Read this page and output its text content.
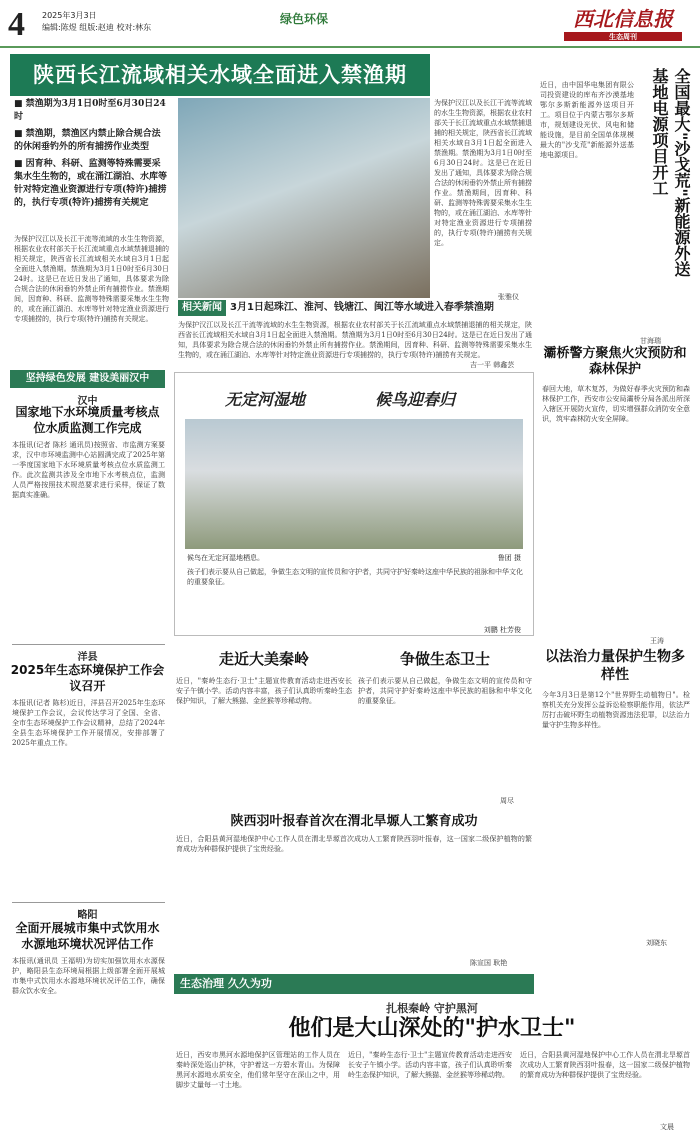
4 2025年3月3日
编辑:陈煜 组版:赵迪 校对:林东
绿色环保	西北信息报
生态周刊
陕西长江流域相关水域全面进入禁渔期
■ 禁渔期为3月1日0时至6月30日24时
■ 禁渔期，禁渔区内禁止除合规合法的休闲垂钓外的所有捕捞作业类型
■ 因育种、科研、监测等特殊需要采集水生生物的，或在涌江湖泊、水库等针对特定渔业资源进行专项(特许)捕捞的，执行专项(特许)捕捞有关规定
为保护汉江以及长江干流等流域的水生生物资源，根据农业农村部关于长江流域重点水域禁捕退捕的相关规定，陕西省长江流域相关水域自3月1日起全面进入禁渔期。禁渔期为3月1日0时至6月30日24时。这是已在近日发出了通知，具体要求为除合规合法的休闲垂钓外禁止所有捕捞作业。禁渔期间，因育种、科研、监测等特殊需要采集水生生物的，或在涌江湖泊、水库等针对特定渔业资源进行专项捕捞的，执行专项(特许)捕捞有关规定。
为保护汉江以及长江干流等流域的水生生物资源，根据农业农村部关于长江流域重点水域禁捕退捕的相关规定，陕西省长江流域相关水域自3月1日起全面进入禁渔期。禁渔期为3月1日0时至6月30日24时。这是已在近日发出了通知，具体要求为除合规合法的休闲垂钓外禁止所有捕捞作业。禁渔期间，因育种、科研、监测等特殊需要采集水生生物的，或在涌江湖泊、水库等针对特定渔业资源进行专项捕捞的，执行专项(特许)捕捞有关规定。
张雅仪
相关新闻 3月1日起珠江、淮河、钱塘江、闽江等水域进入春季禁渔期
为保护汉江以及长江干流等流域的水生生物资源，根据农业农村部关于长江流域重点水域禁捕退捕的相关规定，陕西省长江流域相关水域自3月1日起全面进入禁渔期。禁渔期为3月1日0时至6月30日24时。这是已在近日发出了通知，具体要求为除合规合法的休闲垂钓外禁止所有捕捞作业。禁渔期间，因育种、科研、监测等特殊需要采集水生生物的，或在涌江湖泊、水库等针对特定渔业资源进行专项捕捞的，执行专项(特许)捕捞有关规定。
吉一平 韩鑫芸
坚持绿色发展 建设美丽汉中
汉中
国家地下水环境质量考核点位水质监测工作完成
本报讯(记者 陈杉 通讯员)按照省、市监测方案要求，汉中市环境监测中心站圆满完成了2025年第一季度国家地下水环境质量考核点位水质监测工作。此次监测共涉及全市地下水考核点位，监测人员严格按照技术规范要求进行采样，保证了数据真实准确。
洋县
2025年生态环境保护工作会议召开
本报讯(记者 陈杉)近日，洋县召开2025年生态环境保护工作会议，会议传达学习了全国、全省、全市生态环境保护工作会议精神，总结了2024年全县生态环境保护工作开展情况，安排部署了2025年重点工作。
略阳
全面开展城市集中式饮用水水源地环境状况评估工作
本报讯(通讯员 王福明)为切实加强饮用水水源保护，略阳县生态环境局根据上级部署全面开展城市集中式饮用水水源地环境状况评估工作，确保群众饮水安全。
无定河湿地	候鸟迎春归
候鸟在无定河湿地栖息。	鲁团 摄
孩子们表示要从自己做起，争做生态文明的宣传员和守护者，共同守护好秦岭这座中华民族的祖脉和中华文化的重要象征。
刘鹏 杜芳俊
走近大美秦岭
近日，"秦岭生态行·卫士"主题宣传教育活动走进西安长安子午镇小学。活动内容丰富，孩子们认真聆听秦岭生态保护知识，了解大熊猫、金丝猴等珍稀动物。
争做生态卫士
孩子们表示要从自己做起，争做生态文明的宣传员和守护者，共同守护好秦岭这座中华民族的祖脉和中华文化的重要象征。
周尽
陕西羽叶报春首次在渭北旱塬人工繁育成功
近日，合阳县黄河湿地保护中心工作人员在渭北旱塬首次成功人工繁育陕西羽叶报春，这一国家二级保护植物的繁育成功为种群保护提供了宝贵经验。
陈宣国 耿艳
近日，由中国华电集团有限公司投资建设的库布齐沙漠基地鄂尔多斯新能源外送项目开工。项目位于内蒙古鄂尔多斯市，规划建设光伏、风电和储能设施，是目前全国单体规模最大的"沙戈荒"新能源外送基地电源项目。	全国最大"沙戈荒"新能源外送基地电源项目开工
甘海瑞
灞桥警方聚焦火灾预防和森林保护
春回大地，草木复苏，为做好春季火灾预防和森林保护工作，西安市公安局灞桥分局各派出所深入辖区开展防火宣传，切实增强群众消防安全意识，筑牢森林防火安全屏障。
王涛
以法治力量保护生物多样性
今年3月3日是第12个"世界野生动植物日"。检察机关充分发挥公益诉讼检察职能作用，依法严厉打击破坏野生动植物资源违法犯罪，以法治力量守护生物多样性。
刘晓东
生态治理 久久为功
扎根秦岭 守护黑河
他们是大山深处的"护水卫士"
近日，西安市黑河水源地保护区管理站的工作人员在秦岭深处巡山护林，守护着这一方碧水青山。为保障黑河水源地水质安全，他们常年坚守在深山之中，用脚步丈量每一寸土地。
近日，"秦岭生态行·卫士"主题宣传教育活动走进西安长安子午镇小学。活动内容丰富，孩子们认真聆听秦岭生态保护知识，了解大熊猫、金丝猴等珍稀动物。
近日，合阳县黄河湿地保护中心工作人员在渭北旱塬首次成功人工繁育陕西羽叶报春，这一国家二级保护植物的繁育成功为种群保护提供了宝贵经验。
文晨
